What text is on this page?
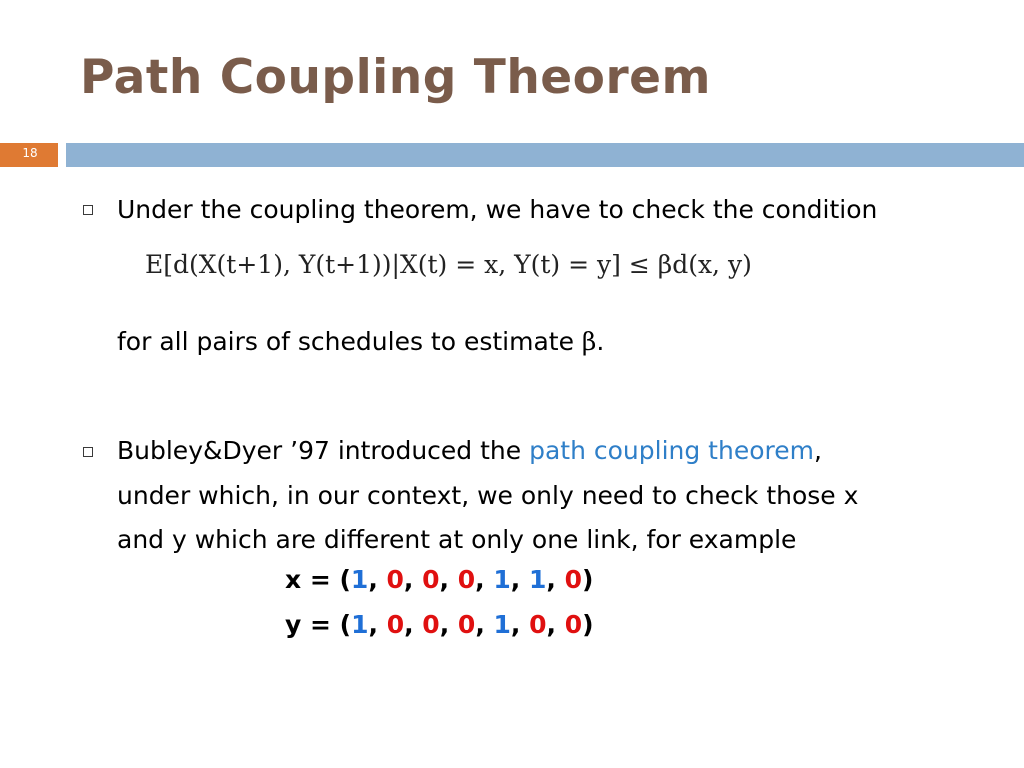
Path Coupling Theorem
18
Under the coupling theorem, we have to check the condition
E[d(X(t+1), Y(t+1))|X(t) = x, Y(t) = y] ≤ βd(x, y)
for all pairs of schedules to estimate β.
Bubley&Dyer ’97 introduced the path coupling theorem,
under which, in our context, we only need to check those x
and y which are different at only one link, for example
x = (1, 0, 0, 0, 1, 1, 0)
y = (1, 0, 0, 0, 1, 0, 0)
